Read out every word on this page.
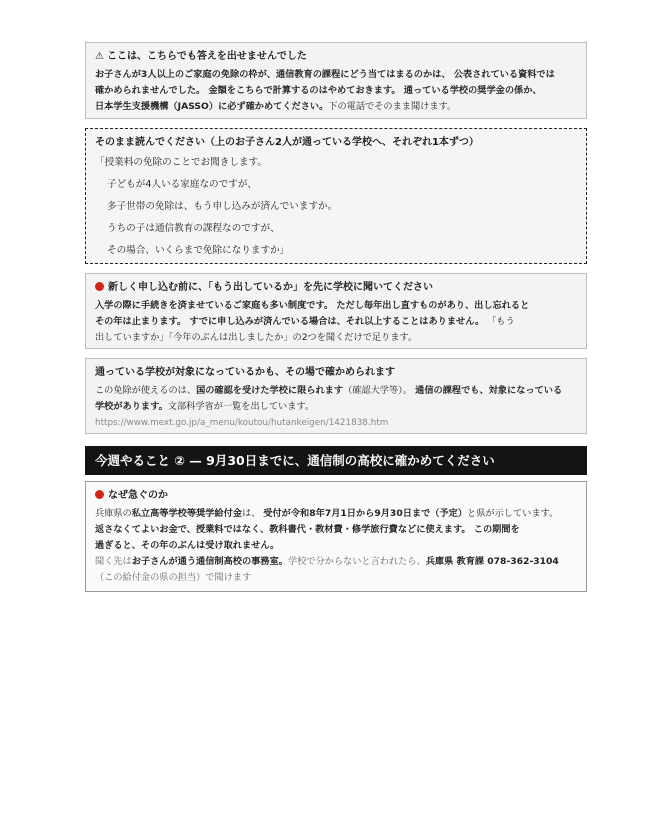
⚠ ここは、こちらでも答えを出せませんでした
お子さんが3人以上のご家庭の免除の枠が、通信教育の課程にどう当てはまるのかは、 公表されている資料では
確かめられませんでした。 金額をこちらで計算するのはやめておきます。 通っている学校の奨学金の係か、
日本学生支援機構（JASSO）に必ず確かめてください。下の電話でそのまま聞けます。
そのまま読んでください（上のお子さん2人が通っている学校へ、それぞれ1本ずつ）
「授業料の免除のことでお聞きします。
子どもが4人いる家庭なのですが、
多子世帯の免除は、もう申し込みが済んでいますか。
うちの子は通信教育の課程なのですが、
その場合、いくらまで免除になりますか」
新しく申し込む前に、「もう出しているか」を先に学校に聞いてください
入学の際に手続きを済ませているご家庭も多い制度です。 ただし毎年出し直すものがあり、出し忘れると
その年は止まります。 すでに申し込みが済んでいる場合は、それ以上することはありません。 「もう
出していますか」「今年のぶんは出しましたか」の2つを聞くだけで足ります。
通っている学校が対象になっているかも、その場で確かめられます
この免除が使えるのは、国の確認を受けた学校に限られます（確認大学等）。 通信の課程でも、対象になっている
学校があります。文部科学省が一覧を出しています。
https://www.mext.go.jp/a_menu/koutou/hutankeigen/1421838.htm
今週やること ② — 9月30日までに、通信制の高校に確かめてください
なぜ急ぐのか
兵庫県の私立高等学校等奨学給付金は、 受付が令和8年7月1日から9月30日まで（予定）と県が示しています。
返さなくてよいお金で、授業料ではなく、教科書代・教材費・修学旅行費などに使えます。 この期間を
過ぎると、その年のぶんは受け取れません。
聞く先はお子さんが通う通信制高校の事務室。学校で分からないと言われたら、兵庫県 教育課 078-362-3104
（この給付金の県の担当）で聞けます
